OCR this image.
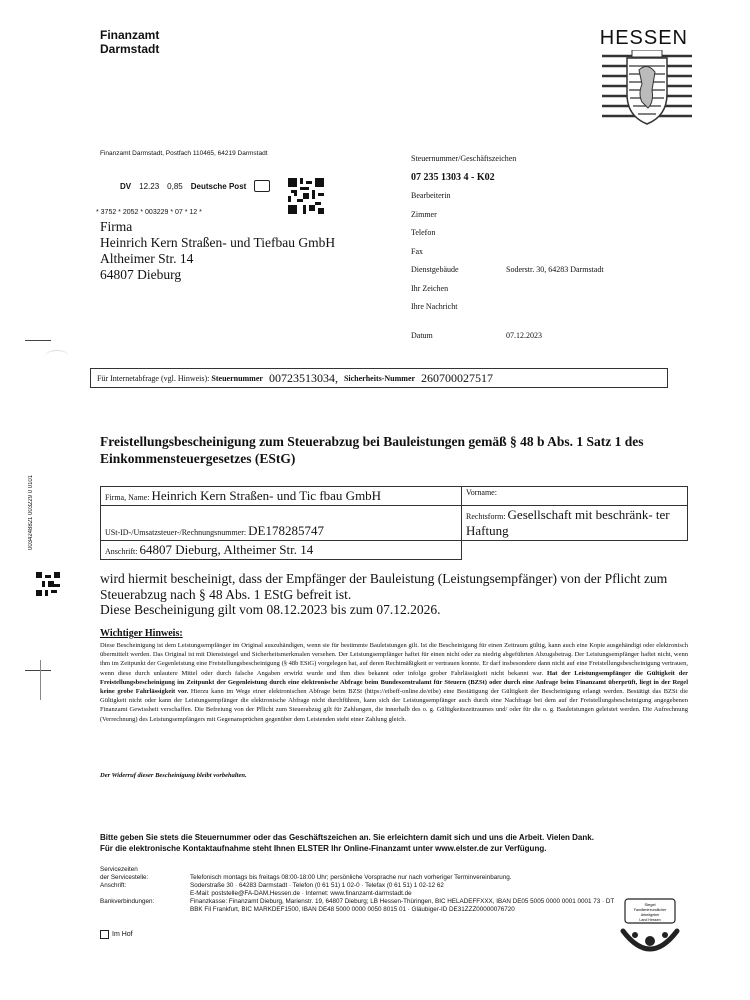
Finanzamt
Darmstadt	HESSEN
Finanzamt Darmstadt, Postfach 110465, 64219 Darmstadt
DV 12.23 0,85 Deutsche Post
* 3752 * 2052 * 003229 * 07 * 12 *
Firma
Heinrich Kern Straßen- und Tiefbau GmbH
Altheimer Str. 14
64807 Dieburg
Steuernummer/Geschäftszeichen
07 235 1303 4 - K02
Bearbeiterin
Zimmer
Telefon
Fax
Dienstgebäude	Soderstr. 30, 64283 Darmstadt
Ihr Zeichen
Ihre Nachricht
Datum	07.12.2023
Für Internetabfrage (vgl. Hinweis):
Steuernummer 00723513034, Sicherheits-Nummer 260700027517
Freistellungsbescheinigung zum Steuerabzug bei Bauleistungen gemäß § 48 b Abs. 1 Satz 1 des Einkommensteuergesetzes (EStG)
0034248821 003229 0 0101	Firma, Name: Heinrich Kern Straßen- und Tic fbau GmbH	Vorname:
USt-ID-/Umsatzsteuer-/Rechnungsnummer: DE178285747	Rechtsform: Gesellschaft mit beschränk- ter Haftung
Anschrift: 64807 Dieburg, Altheimer Str. 14	
wird hiermit bescheinigt, dass der Empfänger der Bauleistung (Leistungsempfänger) von der Pflicht zum Steuerabzug nach § 48 Abs. 1 EStG befreit ist.
Diese Bescheinigung gilt vom 08.12.2023 bis zum 07.12.2026.
Wichtiger Hinweis:
Diese Bescheinigung ist dem Leistungsempfänger im Original auszuhändigen, wenn sie für bestimmte Bauleistungen gilt. Ist die Bescheinigung für einen Zeitraum gültig, kann auch eine Kopie ausgehändigt oder elektronisch übermittelt werden. Das Original ist mit Dienstsiegel und Sicherheitsmerkmalen versehen. Der Leistungsempfänger haftet für einen nicht oder zu niedrig abgeführten Abzugsbetrag. Der Leistungsempfänger haftet nicht, wenn ihm im Zeitpunkt der Gegenleistung eine Freistellungsbescheinigung (§ 48b EStG) vorgelegen hat, auf deren Rechtmäßigkeit er vertrauen konnte. Er darf insbesondere dann nicht auf eine Freistellungsbescheinigung vertrauen, wenn diese durch unlautere Mittel oder durch falsche Angaben erwirkt wurde und ihm dies bekannt oder infolge grober Fahrlässigkeit nicht bekannt war. Hat der Leistungsempfänger die Gültigkeit der Freistellungsbescheinigung im Zeitpunkt der Gegenleistung durch eine elektronische Abfrage beim Bundeszentralamt für Steuern (BZSt) oder durch eine Anfrage beim Finanzamt überprüft, liegt in der Regel keine grobe Fahrlässigkeit vor. Hierzu kann im Wege einer elektronischen Abfrage beim BZSt (https://eibeff-online.de/eibe) eine Bestätigung der Gültigkeit der Bescheinigung erlangt werden. Bestätigt das BZSt die Gültigkeit nicht oder kann der Leistungsempfänger die elektronische Abfrage nicht durchführen, kann sich der Leistungsempfänger auch durch eine Nachfrage bei dem auf der Freistellungsbescheinigung angegebenen Finanzamt Gewissheit verschaffen. Die Befreiung von der Pflicht zum Steuerabzug gilt für Zahlungen, die innerhalb des o. g. Gültigkeitszeitraumes und/ oder für die o. g. Bauleistungen geleistet werden. Die Aufrechnung (Verrechnung) des Leistungsempfängers mit Gegenansprüchen gegenüber dem Leistenden steht einer Zahlung gleich.
Der Widerruf dieser Bescheinigung bleibt vorbehalten.
Bitte geben Sie stets die Steuernummer oder das Geschäftszeichen an. Sie erleichtern damit sich und uns die Arbeit. Vielen Dank.
Für die elektronische Kontaktaufnahme steht Ihnen ELSTER Ihr Online-Finanzamt unter www.elster.de zur Verfügung.
Servicezeiten
der Servicestelle:	Telefonisch montags bis freitags 08:00-18:00 Uhr; persönliche Vorsprache nur nach vorheriger Terminvereinbarung.
Anschrift:	Soderstraße 30 · 64283 Darmstadt · Telefon (0 61 51) 1 02-0 · Telefax (0 61 51) 1 02-12 62
E-Mail: poststelle@FA-DAM.Hessen.de · Internet: www.finanzamt-darmstadt.de
Bankverbindungen:	Finanzkasse: Finanzamt Dieburg, Marienstr. 19, 64807 Dieburg; LB Hessen-Thüringen, BIC HELADEFFXXX, IBAN DE05 5005 0000 0001 0001 73 · DT BBK Fil Frankfurt, BIC MARKDEF1500, IBAN DE48 5000 0000 0050 8015 01 · Gläubiger-ID DE31ZZZ00000076720
Im Hof
Siegel
Familienfreundlicher
Arbeitgeber
Land Hessen
